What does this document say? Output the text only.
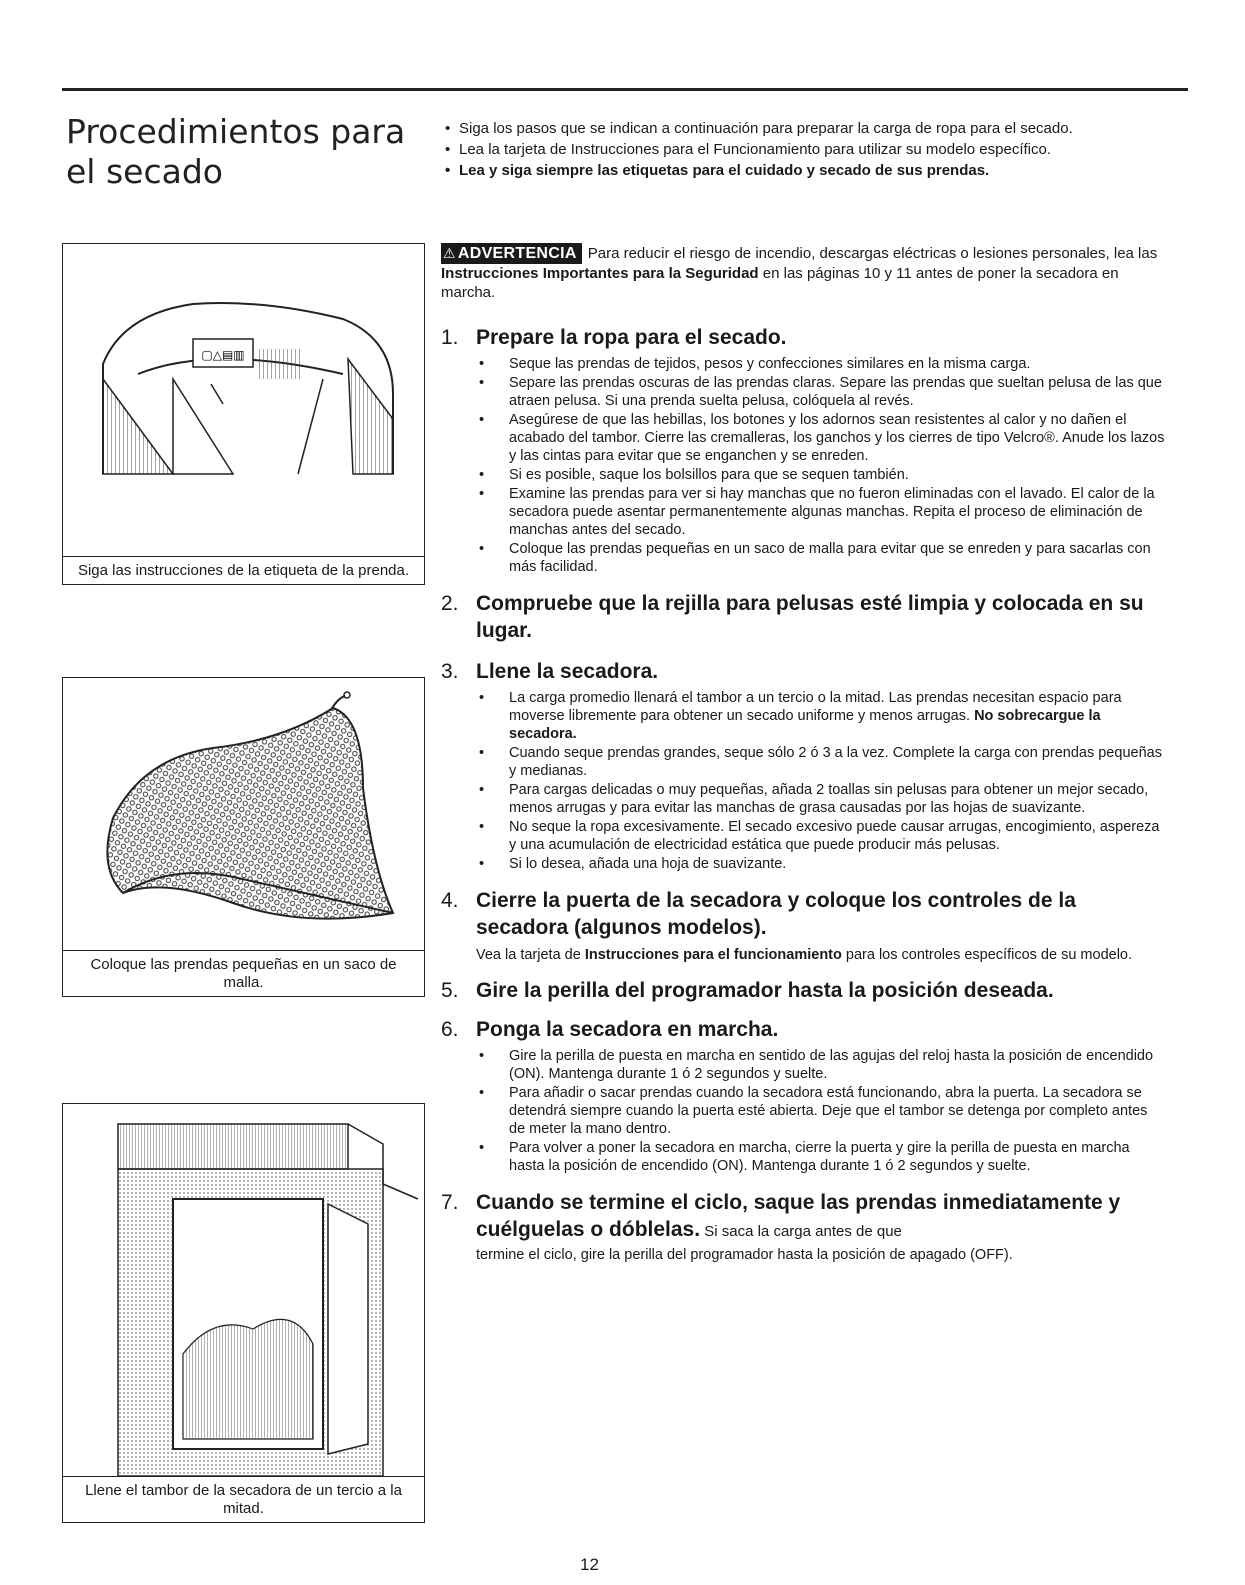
Procedimientos para el secado
• Siga los pasos que se indican a continuación para preparar la carga de ropa para el secado.
• Lea la tarjeta de Instrucciones para el Funcionamiento para utilizar su modelo específico.
• Lea y siga siempre las etiquetas para el cuidado y secado de sus prendas.

⚠ ADVERTENCIA Para reducir el riesgo de incendio, descargas eléctricas o lesiones personales, lea las Instrucciones Importantes para la Seguridad en las páginas 10 y 11 antes de poner la secadora en marcha.

▢△▤▥
Siga las instrucciones de la etiqueta de la prenda.
Coloque las prendas pequeñas en un saco de malla.
Llene el tambor de la secadora de un tercio a la mitad.
1. Prepare la ropa para el secado.
• Seque las prendas de tejidos, pesos y confecciones similares en la misma carga.
• Separe las prendas oscuras de las prendas claras. Separe las prendas que sueltan pelusa de las que atraen pelusa. Si una prenda suelta pelusa, colóquela al revés.
• Asegúrese de que las hebillas, los botones y los adornos sean resistentes al calor y no dañen el acabado del tambor. Cierre las cremalleras, los ganchos y los cierres de tipo Velcro®. Anude los lazos y las cintas para evitar que se enganchen y se enreden.
• Si es posible, saque los bolsillos para que se sequen también.
• Examine las prendas para ver si hay manchas que no fueron eliminadas con el lavado. El calor de la secadora puede asentar permanentemente algunas manchas. Repita el proceso de eliminación de manchas antes del secado.
• Coloque las prendas pequeñas en un saco de malla para evitar que se enreden y para sacarlas con más facilidad.
2. Compruebe que la rejilla para pelusas esté limpia y colocada en su lugar.
3. Llene la secadora.
• La carga promedio llenará el tambor a un tercio o la mitad. Las prendas necesitan espacio para moverse libremente para obtener un secado uniforme y menos arrugas. No sobrecargue la secadora.
• Cuando seque prendas grandes, seque sólo 2 ó 3 a la vez. Complete la carga con prendas pequeñas y medianas.
• Para cargas delicadas o muy pequeñas, añada 2 toallas sin pelusas para obtener un mejor secado, menos arrugas y para evitar las manchas de grasa causadas por las hojas de suavizante.
• No seque la ropa excesivamente. El secado excesivo puede causar arrugas, encogimiento, aspereza y una acumulación de electricidad estática que puede producir más pelusas.
• Si lo desea, añada una hoja de suavizante.
4. Cierre la puerta de la secadora y coloque los controles de la secadora (algunos modelos).

Vea la tarjeta de Instrucciones para el funcionamiento para los controles específicos de su modelo.

5. Gire la perilla del programador hasta la posición deseada.
6. Ponga la secadora en marcha.
• Gire la perilla de puesta en marcha en sentido de las agujas del reloj hasta la posición de encendido (ON). Mantenga durante 1 ó 2 segundos y suelte.
• Para añadir o sacar prendas cuando la secadora está funcionando, abra la puerta. La secadora se detendrá siempre cuando la puerta esté abierta. Deje que el tambor se detenga por completo antes de meter la mano dentro.
• Para volver a poner la secadora en marcha, cierre la puerta y gire la perilla de puesta en marcha hasta la posición de encendido (ON). Mantenga durante 1 ó 2 segundos y suelte.
7. Cuando se termine el ciclo, saque las prendas inmediatamente y cuélguelas o dóblelas. Si saca la carga antes de que

termine el ciclo, gire la perilla del programador hasta la posición de apagado (OFF).

12
